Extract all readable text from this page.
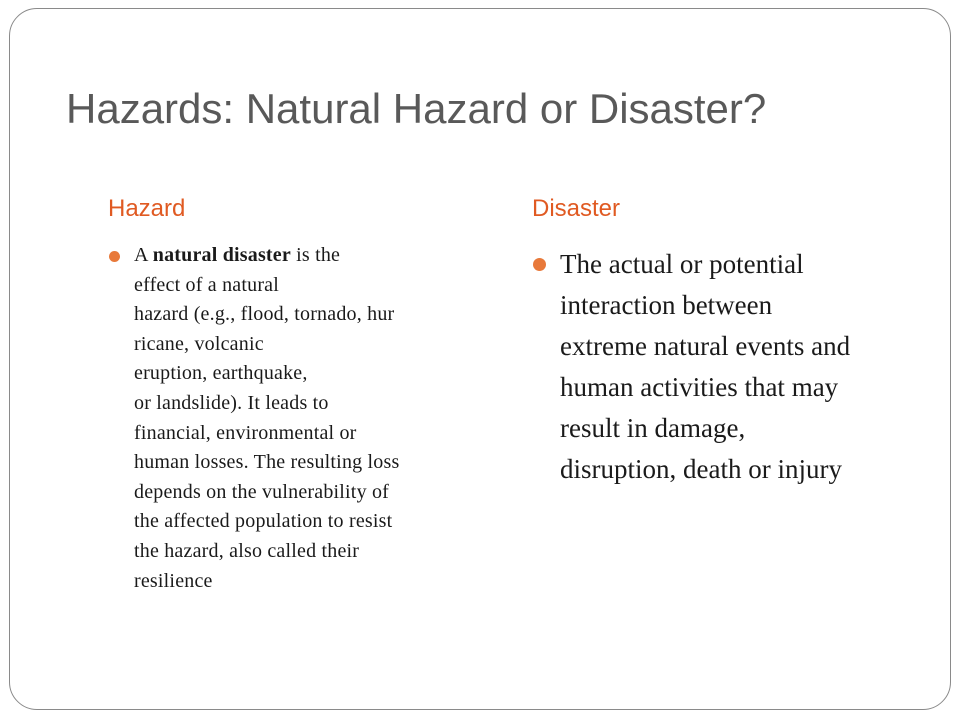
Hazards: Natural Hazard or Disaster?
Hazard	Disaster
A natural disaster is the
effect of a natural
hazard (e.g., flood, tornado, hur
ricane, volcanic
eruption, earthquake,
or landslide). It leads to
financial, environmental or
human losses. The resulting loss
depends on the vulnerability of
the affected population to resist
the hazard, also called their
resilience
The actual or potential
interaction between
extreme natural events and
human activities that may
result in damage,
disruption, death or injury
